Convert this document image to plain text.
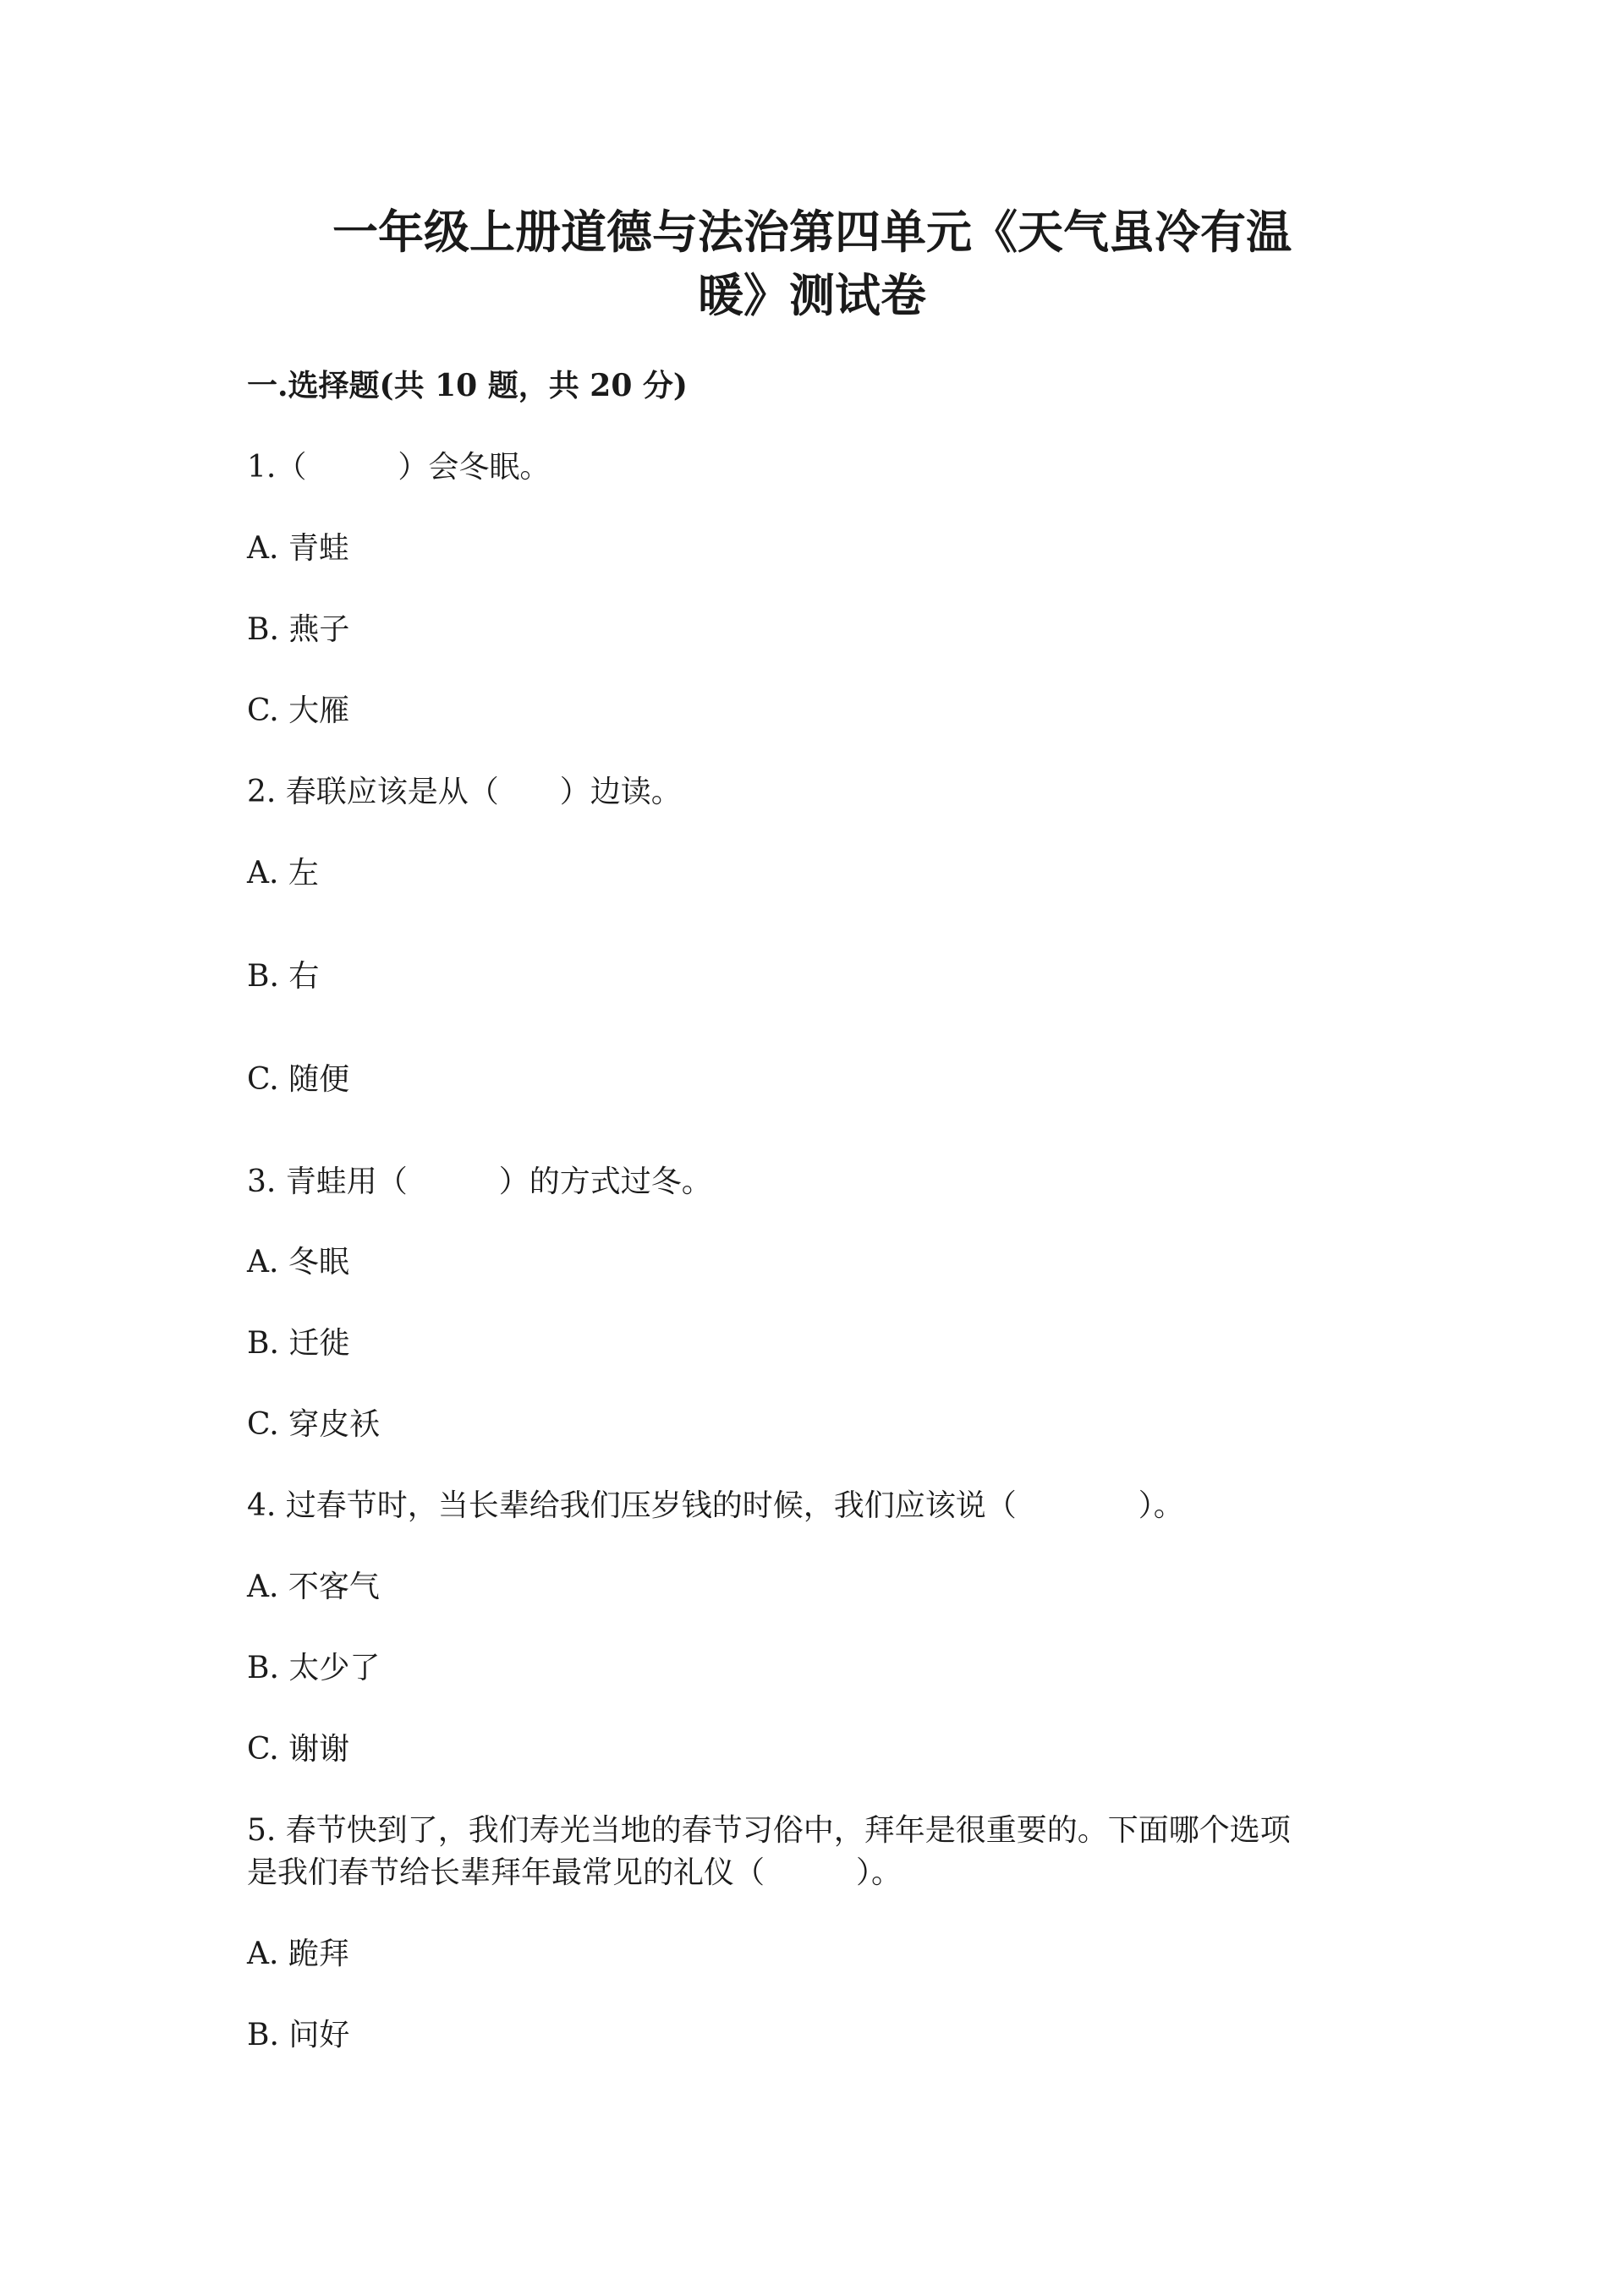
一年级上册道德与法治第四单元《天气虽冷有温
暖》测试卷
一.选择题(共 10 题，共 20 分)
1.（　　　）会冬眠。
A. 青蛙
B. 燕子
C. 大雁
2. 春联应该是从（　　）边读。
A. 左
B. 右
C. 随便
3. 青蛙用（　　　）的方式过冬。
A. 冬眠
B. 迁徙
C. 穿皮袄
4. 过春节时，当长辈给我们压岁钱的时候，我们应该说（　　　　）。
A. 不客气
B. 太少了
C. 谢谢
5. 春节快到了，我们寿光当地的春节习俗中，拜年是很重要的。下面哪个选项
是我们春节给长辈拜年最常见的礼仪（　　　）。
A. 跪拜
B. 问好
